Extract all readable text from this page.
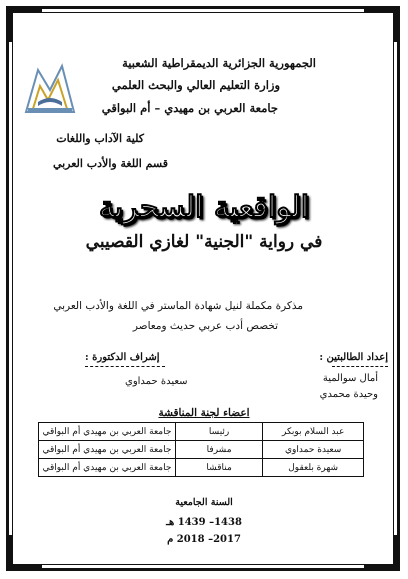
الجمهورية الجزائرية الديمقراطية الشعبية
وزارة التعليم العالي والبحث العلمي
جامعة العربي بن مهيدي – أم البواقي
كلية الآداب واللغات
قسم اللغة والأدب العربي
الواقعية السحرية
في رواية "الجنية" لغازي القصيبي
مذكرة مكملة لنيل شهادة الماستر في اللغة والأدب العربي
تخصص أدب عربي حديث ومعاصر
إعداد الطالبتين :
أمال سوالمية
وحيدة محمدي
إشراف الدكتورة :
سعيدة حمداوي
اعضاء لجنة المناقشة
عبد السلام بوبكر	رئيسا	جامعة العربي بن مهيدي أم البواقي
سعيدة حمداوي	مشرفا	جامعة العربي بن مهيدي أم البواقي
شهرة بلعقول	مناقشا	جامعة العربي بن مهيدي أم البواقي
السنة الجامعية
1438– 1439 هـ
2017– 2018 م
